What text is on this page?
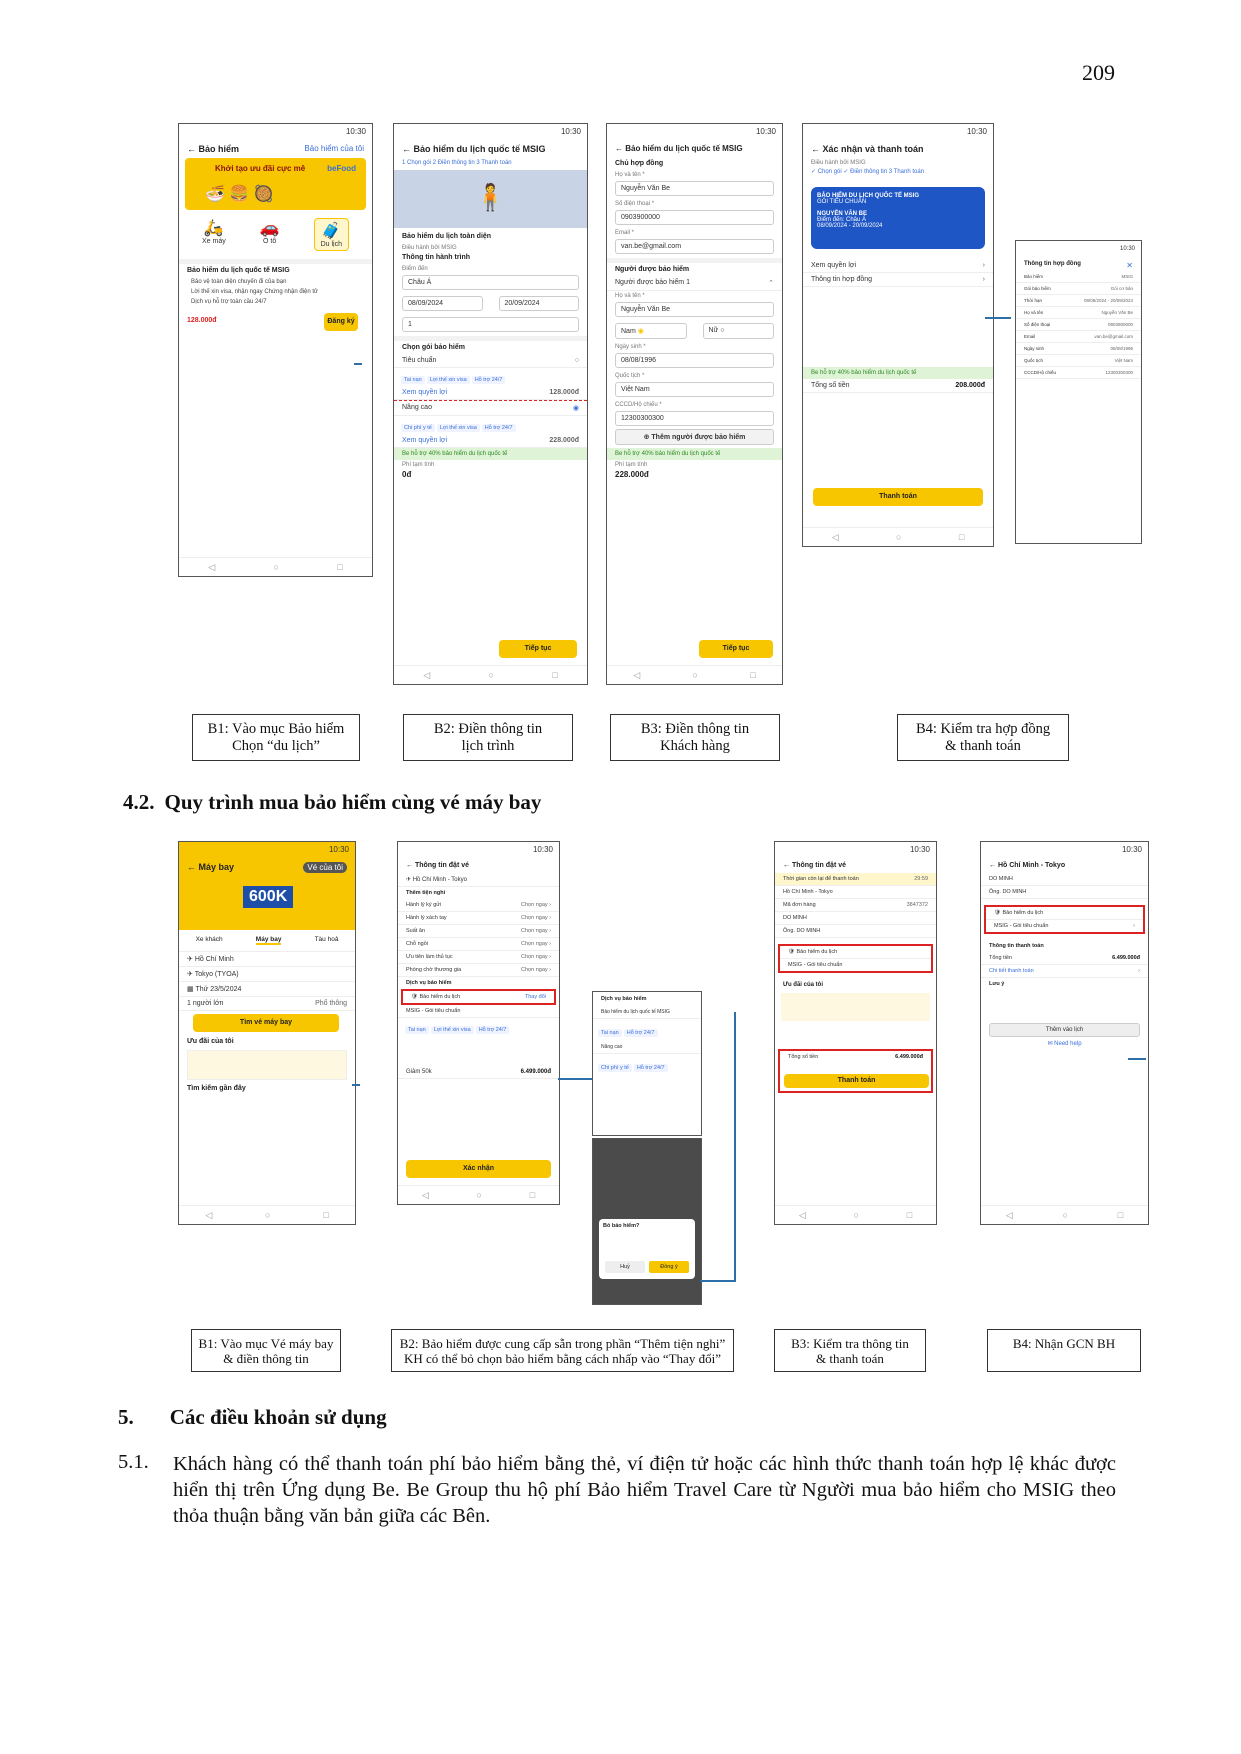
209
10:30
← Bảo hiểm	Bảo hiểm của tôi
Khởi tạo ưu đãi cực mê	beFood
🍜 🍔 🥘
🛵
Xe máy
🚗
Ô tô
🧳
Du lịch
Bảo hiểm du lịch quốc tế MSIG
Bảo vệ toàn diện chuyến đi của bạn
Lời thế xin visa, nhận ngay Chứng nhận điện tử
Dịch vụ hỗ trợ toàn cầu 24/7
128.000đ	Đăng ký
◁	○	□
10:30
← Bảo hiểm du lịch quốc tế MSIG
1 Chọn gói 2 Điền thông tin 3 Thanh toán
🧍
Bảo hiểm du lịch toàn diện
Điều hành bởi MSIG
Thông tin hành trình
Điểm đến
Châu Á
08/09/2024	20/09/2024
1
Chọn gói bảo hiểm
Tiêu chuẩn	○
Tai nạn Lợi thế xin visa Hỗ trợ 24/7
Xem quyền lợi	128.000đ
Nâng cao	◉
Chi phí y tế Lợi thế xin visa Hỗ trợ 24/7
Xem quyền lợi	228.000đ
Be hỗ trợ 40% bảo hiểm du lịch quốc tế
Phí tạm tính
0đ
Tiếp tục
◁	○	□
10:30
← Bảo hiểm du lịch quốc tế MSIG
Chủ hợp đồng
Họ và tên *
Nguyễn Văn Be
Số điện thoại *
0903900000
Email *
van.be@gmail.com
Người được bảo hiểm
Người được bảo hiểm 1	⌃
Họ và tên *
Nguyễn Văn Be
Nam ◉	Nữ ○
Ngày sinh *
08/08/1996
Quốc tịch *
Việt Nam
CCCD/Hộ chiếu *
12300300300
⊕ Thêm người được bảo hiểm
Be hỗ trợ 40% bảo hiểm du lịch quốc tế
Phí tạm tính
228.000đ
Tiếp tục
◁	○	□
10:30
← Xác nhận và thanh toán
Điều hành bởi MSIG
✓ Chọn gói ✓ Điền thông tin 3 Thanh toán
BẢO HIỂM DU LỊCH QUỐC TẾ MSIG
GÓI TIÊU CHUẨN
NGUYỄN VĂN BE
Điểm đến: Châu Á
08/09/2024 - 20/09/2024
Xem quyền lợi	›
Thông tin hợp đồng	›
Be hỗ trợ 40% bảo hiểm du lịch quốc tế
Tổng số tiền	208.000đ
Thanh toán
◁	○	□
10:30
Thông tin hợp đồng	✕
Bảo hiểm	MSIG
Gói bảo hiểm	Gói cơ bản
Thời hạn	08/09/2024 - 20/09/2024
Họ và tên	Nguyễn Văn Be
Số điện thoại	0903900000
Email	van.be@gmail.com
Ngày sinh	08/08/1996
Quốc tịch	Việt Nam
CCCD/Hộ chiếu	12300300300
B1: Vào mục Bảo hiểm
Chọn “du lịch”
B2: Điền thông tin
lịch trình
B3: Điền thông tin
Khách hàng
B4: Kiểm tra hợp đồng
& thanh toán
4.2. Quy trình mua bảo hiểm cùng vé máy bay
10:30
← Máy bay	Vé của tôi
600K
Xe khách	Máy bay	Tàu hoả
✈ Hồ Chí Minh
✈ Tokyo (TYOA)
▦ Thứ 23/5/2024
1 người lớn	Phổ thông
Tìm vé máy bay
Ưu đãi của tôi
Tìm kiếm gần đây
◁	○	□
10:30
← Thông tin đặt vé
✈ Hồ Chí Minh - Tokyo
Thêm tiện nghi
Hành lý ký gửi	Chọn ngay ›
Hành lý xách tay	Chọn ngay ›
Suất ăn	Chọn ngay ›
Chỗ ngồi	Chọn ngay ›
Ưu tiên làm thủ tục	Chọn ngay ›
Phòng chờ thương gia	Chọn ngay ›
Dịch vụ bảo hiểm
🛡 Bảo hiểm du lịch	Thay đổi
MSIG - Gói tiêu chuẩn
Tai nạn Lợi thế xin visa Hỗ trợ 24/7
Giảm 50k	6.499.000đ
Xác nhận
◁	○	□
Dịch vụ bảo hiểm
Bảo hiểm du lịch quốc tế MSIG
Tai nạn Hỗ trợ 24/7
Nâng cao
Chi phí y tế Hỗ trợ 24/7
Bỏ bảo hiểm?
Huỷ	Đồng ý
10:30
← Thông tin đặt vé
Thời gian còn lại để thanh toán	29:59
Hồ Chí Minh - Tokyo
Mã đơn hàng	3847372
DO MINH
Ông. DO MINH
🛡 Bảo hiểm du lịch
MSIG - Gói tiêu chuẩn
Ưu đãi của tôi
Tổng số tiền	6.499.000đ
Thanh toán
◁	○	□
10:30
← Hồ Chí Minh - Tokyo
DO MINH
Ông. DO MINH
🛡 Bảo hiểm du lịch
MSIG - Gói tiêu chuẩn	›
Thông tin thanh toán
Tổng tiền	6.499.000đ
Chi tiết thanh toán	›
Lưu ý
Thêm vào lịch
✉ Need help
◁	○	□
B1: Vào mục Vé máy bay
& điền thông tin
B2: Bảo hiểm được cung cấp sẵn trong phần “Thêm tiện nghi”
KH có thể bỏ chọn bảo hiểm bằng cách nhấp vào “Thay đổi”
B3: Kiểm tra thông tin
& thanh toán
B4: Nhận GCN BH
5. Các điều khoản sử dụng
5.1. Khách hàng có thể thanh toán phí bảo hiểm bằng thẻ, ví điện tử hoặc các hình thức thanh toán hợp lệ khác được hiển thị trên Ứng dụng Be. Be Group thu hộ phí Bảo hiểm Travel Care từ Người mua bảo hiểm cho MSIG theo thỏa thuận bằng văn bản giữa các Bên.
